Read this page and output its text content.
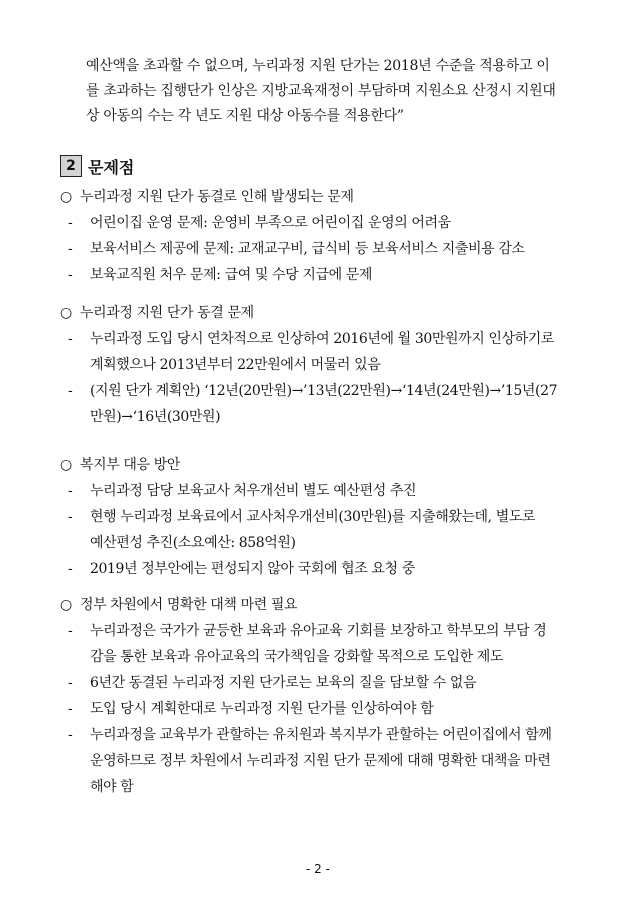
예산액을 초과할 수 없으며, 누리과정 지원 단가는 2018년 수준을 적용하고 이
를 초과하는 집행단가 인상은 지방교육재정이 부담하며 지원소요 산정시 지원대
상 아동의 수는 각 년도 지원 대상 아동수를 적용한다”
2 문제점
○ 누리과정 지원 단가 동결로 인해 발생되는 문제
-	어린이집 운영 문제: 운영비 부족으로 어린이집 운영의 어려움
-	보육서비스 제공에 문제: 교재교구비, 급식비 등 보육서비스 지출비용 감소
-	보육교직원 처우 문제: 급여 및 수당 지급에 문제
○ 누리과정 지원 단가 동결 문제
-	누리과정 도입 당시 연차적으로 인상하여 2016년에 월 30만원까지 인상하기로
계획했으나 2013년부터 22만원에서 머물러 있음
-	(지원 단가 계획안) ‘12년(20만원)→’13년(22만원)→‘14년(24만원)→’15년(27
만원)→‘16년(30만원)
○ 복지부 대응 방안
-	누리과정 담당 보육교사 처우개선비 별도 예산편성 추진
-	현행 누리과정 보육료에서 교사처우개선비(30만원)를 지출해왔는데, 별도로
예산편성 추진(소요예산: 858억원)
-	2019년 정부안에는 편성되지 않아 국회에 협조 요청 중
○ 정부 차원에서 명확한 대책 마련 필요
-	누리과정은 국가가 균등한 보육과 유아교육 기회를 보장하고 학부모의 부담 경
감을 통한 보육과 유아교육의 국가책임을 강화할 목적으로 도입한 제도
-	6년간 동결된 누리과정 지원 단가로는 보육의 질을 담보할 수 없음
-	도입 당시 계획한대로 누리과정 지원 단가를 인상하여야 함
-	누리과정을 교육부가 관할하는 유치원과 복지부가 관할하는 어린이집에서 함께
운영하므로 정부 차원에서 누리과정 지원 단가 문제에 대해 명확한 대책을 마련
해야 함
- 2 -
